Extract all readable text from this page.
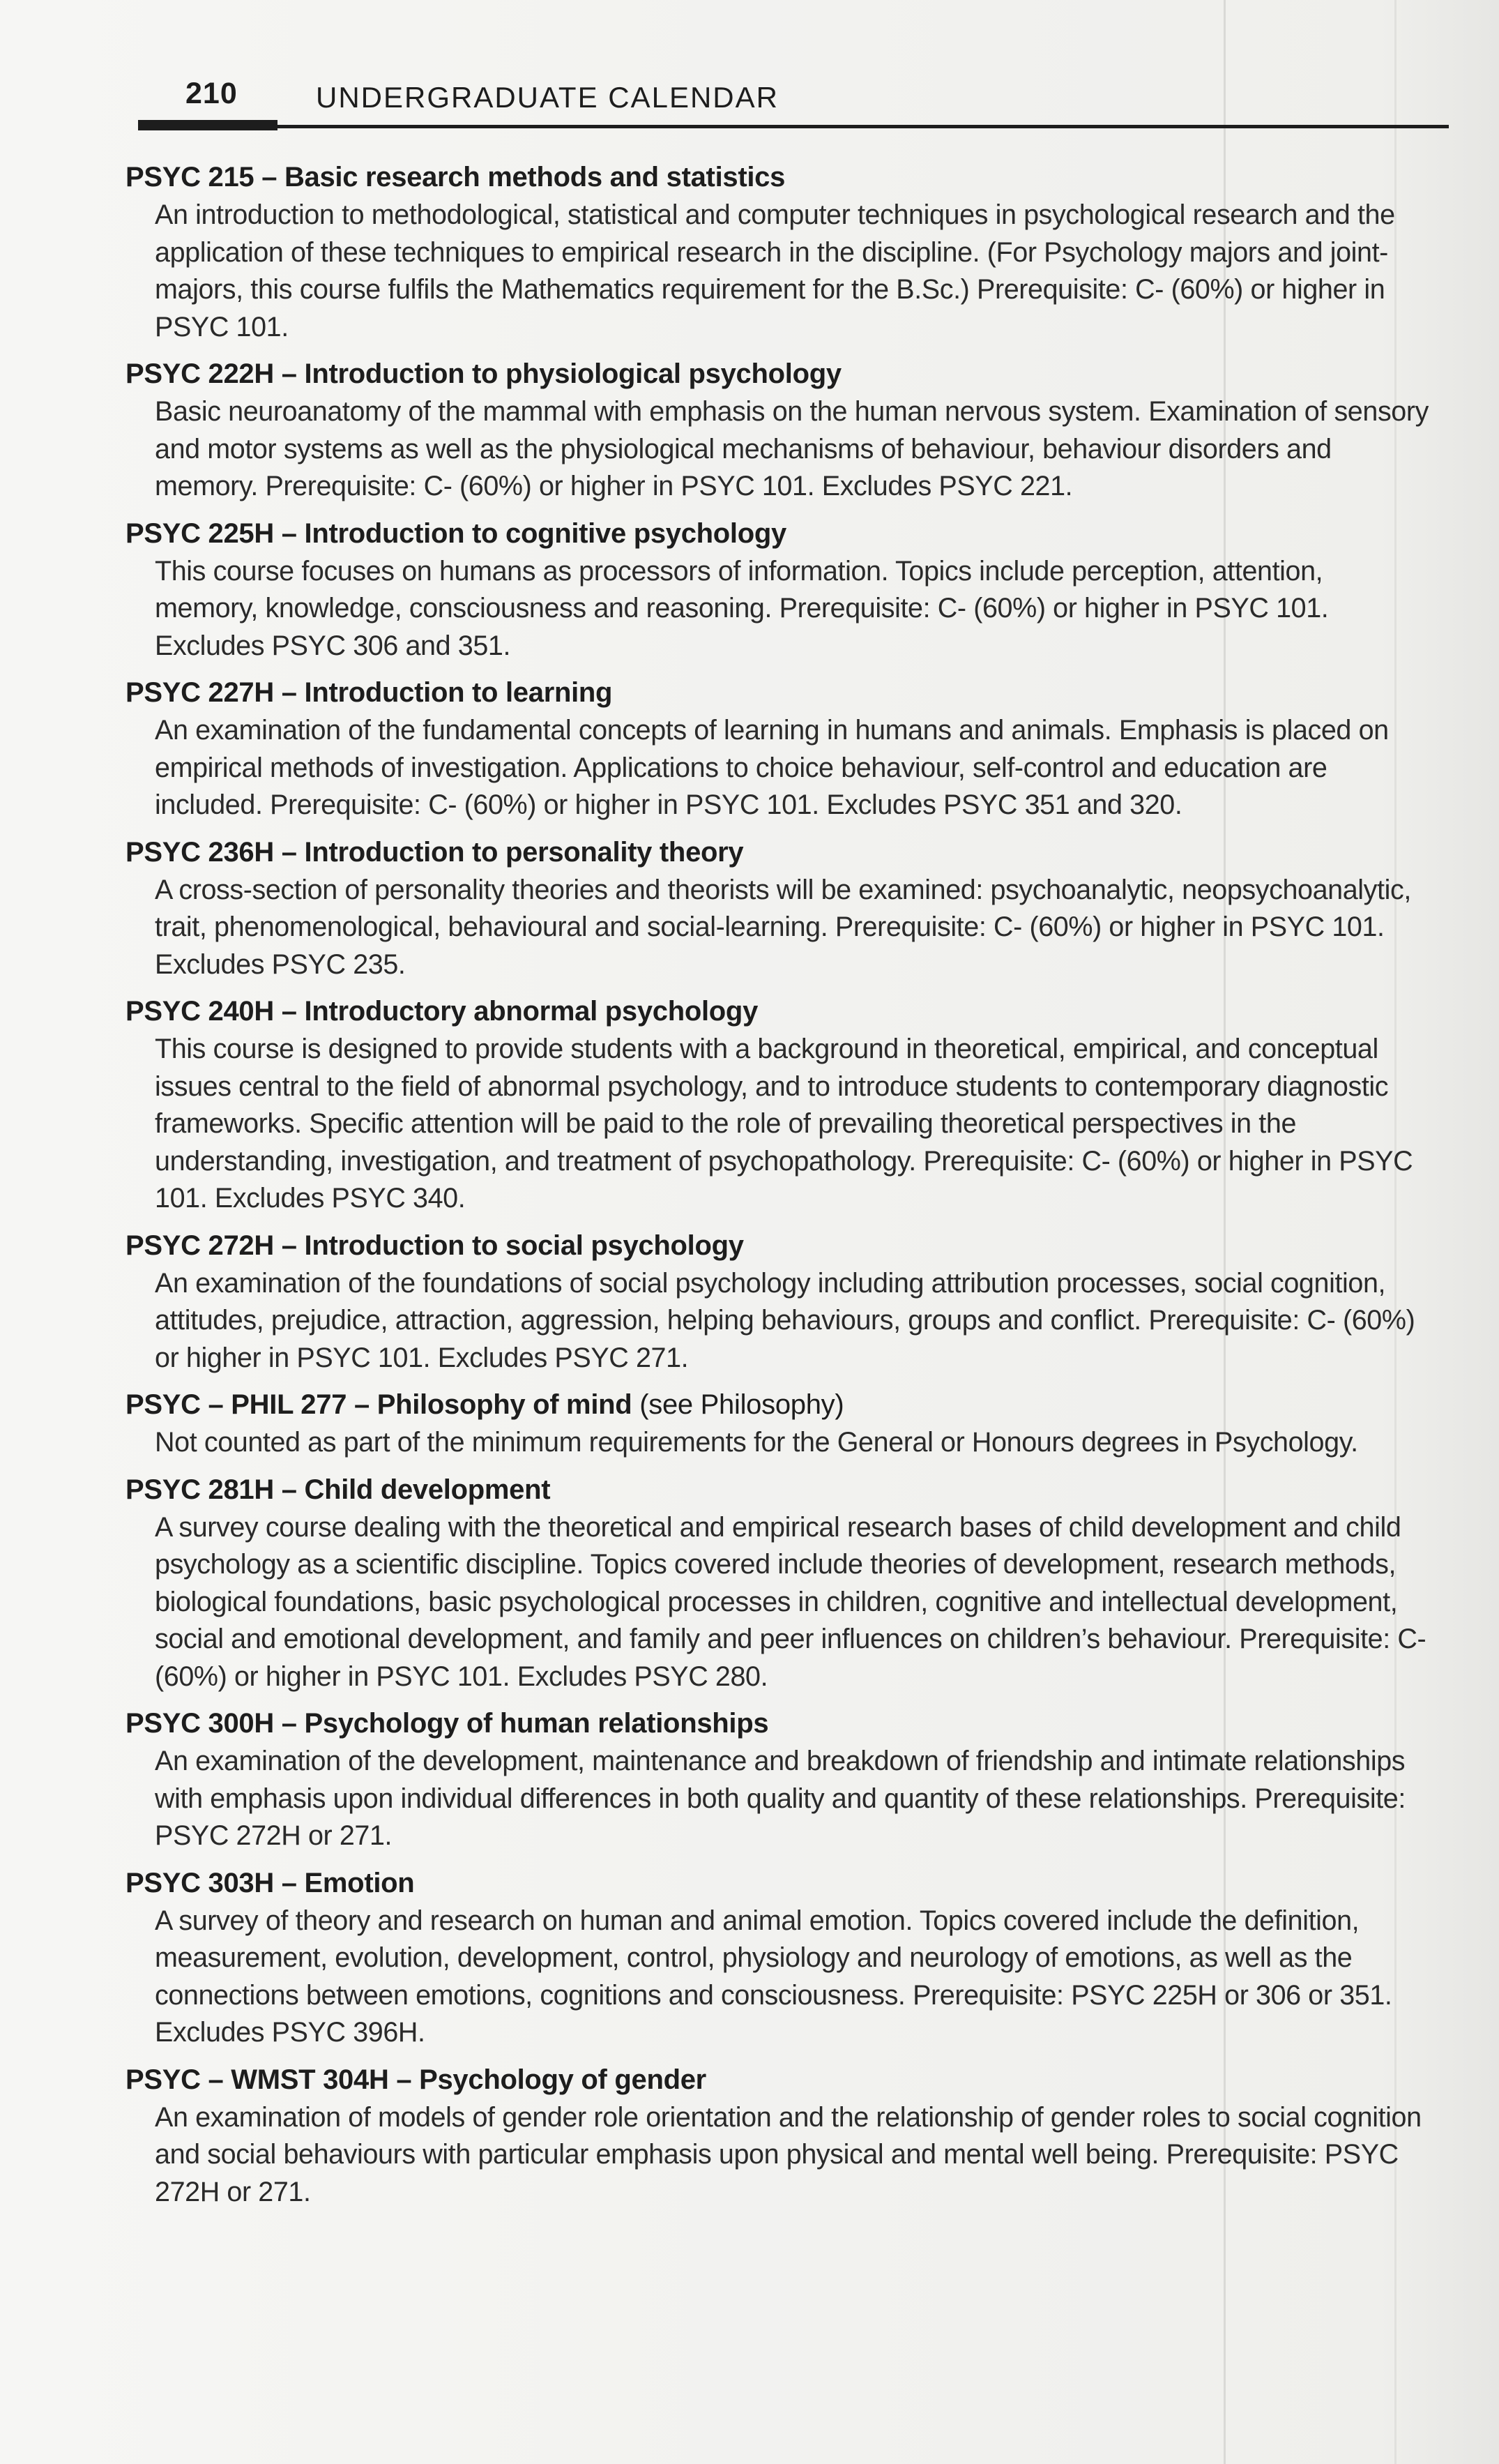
210	UNDERGRADUATE CALENDAR
PSYC 215 – Basic research methods and statistics
An introduction to methodological, statistical and computer techniques in psychological research and the application of these techniques to empirical research in the discipline. (For Psychology majors and joint-majors, this course fulfils the Mathematics requirement for the B.Sc.) Prerequisite: C- (60%) or higher in PSYC 101.
PSYC 222H – Introduction to physiological psychology
Basic neuroanatomy of the mammal with emphasis on the human nervous system. Examination of sensory and motor systems as well as the physiological mechanisms of behaviour, behaviour disorders and memory. Prerequisite: C- (60%) or higher in PSYC 101. Excludes PSYC 221.
PSYC 225H – Introduction to cognitive psychology
This course focuses on humans as processors of information. Topics include perception, attention, memory, knowledge, consciousness and reasoning. Prerequisite: C- (60%) or higher in PSYC 101. Excludes PSYC 306 and 351.
PSYC 227H – Introduction to learning
An examination of the fundamental concepts of learning in humans and animals. Emphasis is placed on empirical methods of investigation. Applications to choice behaviour, self-control and education are included. Prerequisite: C- (60%) or higher in PSYC 101. Excludes PSYC 351 and 320.
PSYC 236H – Introduction to personality theory
A cross-section of personality theories and theorists will be examined: psychoanalytic, neopsychoanalytic, trait, phenomenological, behavioural and social-learning. Prerequisite: C- (60%) or higher in PSYC 101. Excludes PSYC 235.
PSYC 240H – Introductory abnormal psychology
This course is designed to provide students with a background in theoretical, empirical, and conceptual issues central to the field of abnormal psychology, and to introduce students to contemporary diagnostic frameworks. Specific attention will be paid to the role of prevailing theoretical perspectives in the understanding, investigation, and treatment of psychopathology. Prerequisite: C- (60%) or higher in PSYC 101. Excludes PSYC 340.
PSYC 272H – Introduction to social psychology
An examination of the foundations of social psychology including attribution processes, social cognition, attitudes, prejudice, attraction, aggression, helping behaviours, groups and conflict. Prerequisite: C- (60%) or higher in PSYC 101. Excludes PSYC 271.
PSYC – PHIL 277 – Philosophy of mind (see Philosophy)
Not counted as part of the minimum requirements for the General or Honours degrees in Psychology.
PSYC 281H – Child development
A survey course dealing with the theoretical and empirical research bases of child development and child psychology as a scientific discipline. Topics covered include theories of development, research methods, biological foundations, basic psychological processes in children, cognitive and intellectual development, social and emotional development, and family and peer influences on children’s behaviour. Prerequisite: C- (60%) or higher in PSYC 101. Excludes PSYC 280.
PSYC 300H – Psychology of human relationships
An examination of the development, maintenance and breakdown of friendship and intimate relationships with emphasis upon individual differences in both quality and quantity of these relationships. Prerequisite: PSYC 272H or 271.
PSYC 303H – Emotion
A survey of theory and research on human and animal emotion. Topics covered include the definition, measurement, evolution, development, control, physiology and neurology of emotions, as well as the connections between emotions, cognitions and consciousness. Prerequisite: PSYC 225H or 306 or 351. Excludes PSYC 396H.
PSYC – WMST 304H – Psychology of gender
An examination of models of gender role orientation and the relationship of gender roles to social cognition and social behaviours with particular emphasis upon physical and mental well being. Prerequisite: PSYC 272H or 271.
